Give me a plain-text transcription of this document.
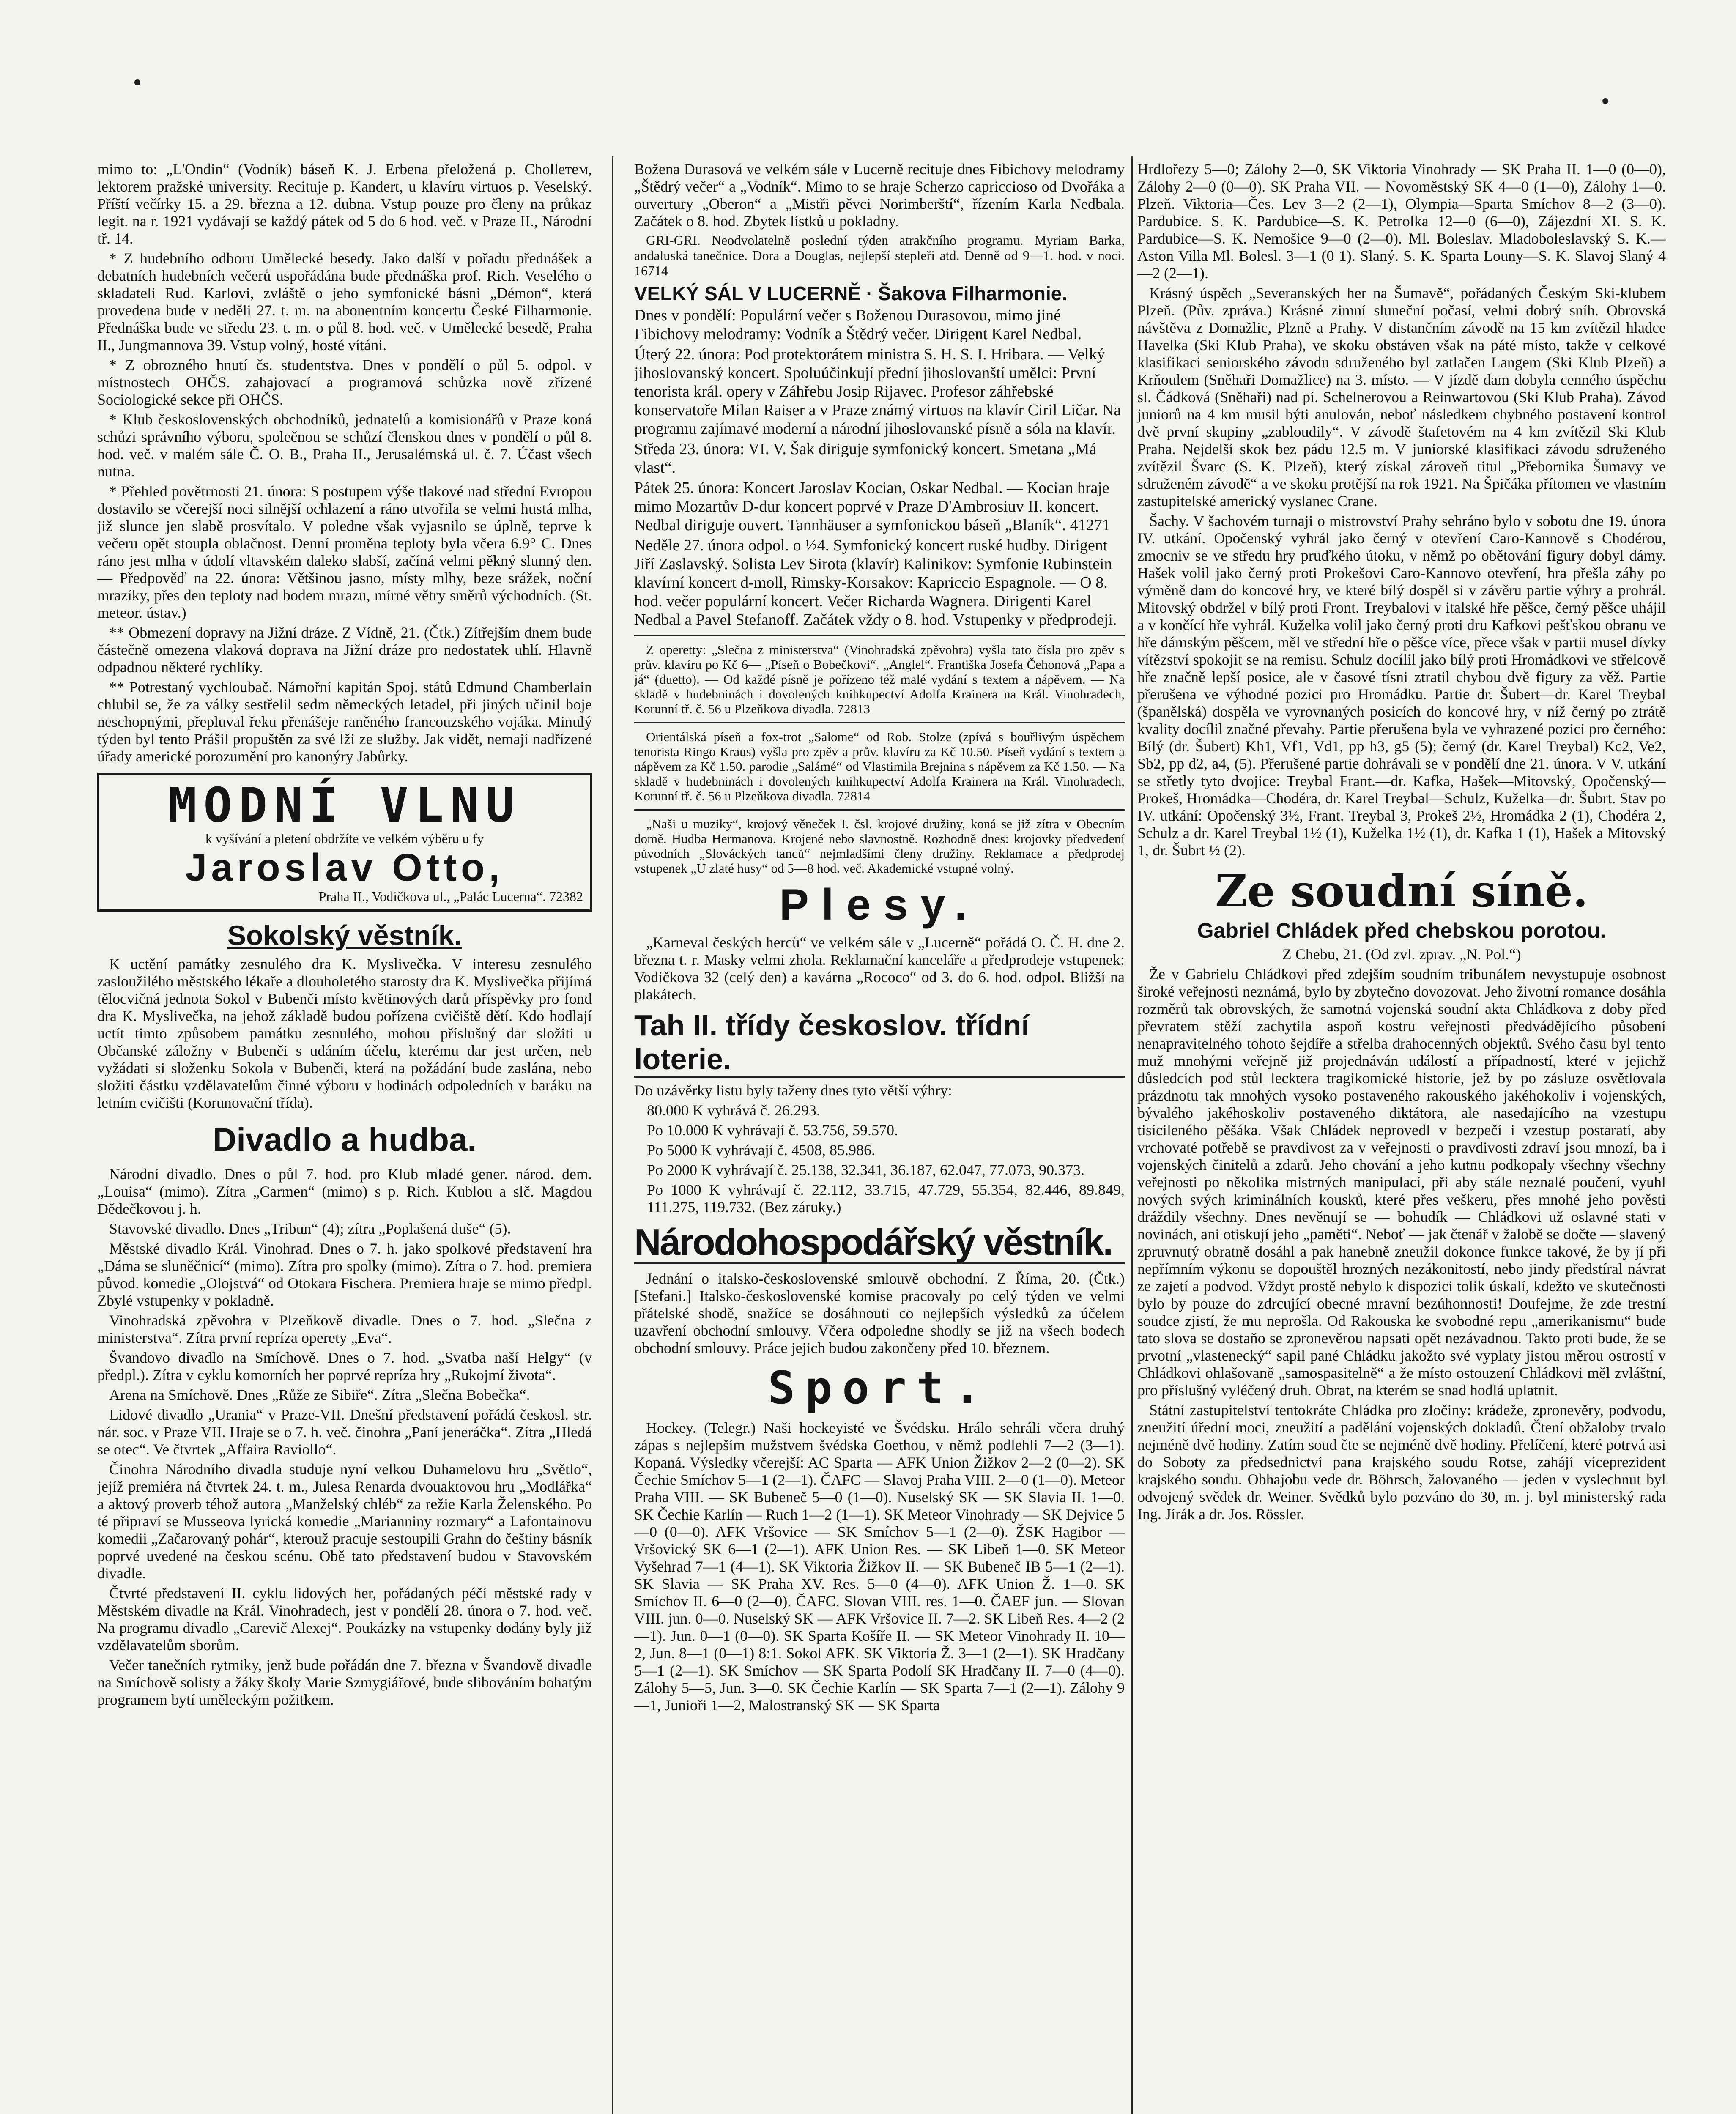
mimo to: „L'Ondin“ (Vodník) báseň K. J. Erbena přeložená p. Chollетем, lektorem pražské university. Recituje p. Kandert, u klavíru virtuos p. Veselský. Příští večírky 15. a 29. března a 12. dubna. Vstup pouze pro členy na průkaz legit. na r. 1921 vydávají se každý pátek od 5 do 6 hod. več. v Praze II., Národní tř. 14.

* Z hudebního odboru Umělecké besedy. Jako další v pořadu přednášek a debatních hudebních večerů uspořádána bude přednáška prof. Rich. Veselého o skladateli Rud. Karlovi, zvláště o jeho symfonické básni „Démon“, která provedena bude v neděli 27. t. m. na abonentním koncertu České Filharmonie. Přednáška bude ve středu 23. t. m. o půl 8. hod. več. v Umělecké besedě, Praha II., Jungmannova 39. Vstup volný, hosté vítáni.

* Z obrozného hnutí čs. studentstva. Dnes v pondělí o půl 5. odpol. v místnostech OHČS. zahajovací a programová schůzka nově zřízené Sociologické sekce při OHČS.

* Klub československých obchodníků, jednatelů a komisionářů v Praze koná schůzi správního výboru, společnou se schůzí členskou dnes v pondělí o půl 8. hod. več. v malém sále Č. O. B., Praha II., Jerusalémská ul. č. 7. Účast všech nutna.

* Přehled povětrnosti 21. února: S postupem výše tlakové nad střední Evropou dostavilo se včerejší noci silnější ochlazení a ráno utvořila se velmi hustá mlha, již slunce jen slabě prosvítalo. V poledne však vyjasnilo se úplně, teprve k večeru opět stoupla oblačnost. Denní proměna teploty byla včera 6.9° C. Dnes ráno jest mlha v údolí vltavském daleko slabší, začíná velmi pěkný slunný den. — Předpověď na 22. února: Většinou jasno, místy mlhy, beze srážek, noční mrazíky, přes den teploty nad bodem mrazu, mírné větry směrů východních. (St. meteor. ústav.)

** Obmezení dopravy na Jižní dráze. Z Vídně, 21. (Čtk.) Zítřejším dnem bude částečně omezena vlaková doprava na Jižní dráze pro nedostatek uhlí. Hlavně odpadnou některé rychlíky.

** Potrestaný vychloubač. Námořní kapitán Spoj. států Edmund Chamberlain chlubil se, že za války sestřelil sedm německých letadel, při jiných učinil boje neschopnými, přepluval řeku přenášeje raněného francouzského vojáka. Minulý týden byl tento Prášil propuštěn za své lži ze služby. Jak vidět, nemají nadřízené úřady americké porozumění pro kanonýry Jabůrky.

MODNÍ VLNU
k vyšívání a pletení obdržíte ve velkém výběru u fy
Jaroslav Otto,
Praha II., Vodičkova ul., „Palác Lucerna“. 72382
Sokolský věstník.

K uctění památky zesnulého dra K. Myslivečka. V interesu zesnulého zasloužilého městského lékaře a dlouholetého starosty dra K. Myslivečka přijímá tělocvičná jednota Sokol v Bubenči místo květinových darů příspěvky pro fond dra K. Myslivečka, na jehož základě budou pořízena cvičiště dětí. Kdo hodlají uctít timto způsobem památku zesnulého, mohou příslušný dar složiti u Občanské záložny v Bubenči s udáním účelu, kterému dar jest určen, neb vyžádati si složenku Sokola v Bubenči, která na požádání bude zaslána, nebo složiti částku vzdělavatelům činné výboru v hodinách odpoledních v baráku na letním cvičišti (Korunovační třída).

Divadlo a hudba.

Národní divadlo. Dnes o půl 7. hod. pro Klub mladé gener. národ. dem. „Louisa“ (mimo). Zítra „Carmen“ (mimo) s p. Rich. Kublou a slč. Magdou Dědečkovou j. h.

Stavovské divadlo. Dnes „Tribun“ (4); zítra „Poplašená duše“ (5).

Městské divadlo Král. Vinohrad. Dnes o 7. h. jako spolkové představení hra „Dáma se sluněčnicí“ (mimo). Zítra pro spolky (mimo). Zítra o 7. hod. premiera původ. komedie „Olojstvá“ od Otokara Fischera. Premiera hraje se mimo předpl. Zbylé vstupenky v pokladně.

Vinohradská zpěvohra v Plzeňkově divadle. Dnes o 7. hod. „Slečna z ministerstva“. Zítra první repríza operety „Eva“.

Švandovo divadlo na Smíchově. Dnes o 7. hod. „Svatba naší Helgy“ (v předpl.). Zítra v cyklu komorních her poprvé repríza hry „Rukojmí života“.

Arena na Smíchově. Dnes „Růže ze Sibiře“. Zítra „Slečna Bobečka“.

Lidové divadlo „Urania“ v Praze-VII. Dnešní představení pořádá českosl. str. nár. soc. v Praze VII. Hraje se o 7. h. več. činohra „Paní jeneráčka“. Zítra „Hledá se otec“. Ve čtvrtek „Affaira Raviollo“.

Činohra Národního divadla studuje nyní velkou Duhamelovu hru „Světlo“, jejíž premiéra ná čtvrtek 24. t. m., Julesa Renarda dvouaktovou hru „Modlářka“ a aktový proverb téhož autora „Manželský chléb“ za režie Karla Želenského. Po té připraví se Musseova lyrická komedie „Marianniny rozmary“ a Lafontainovu komedii „Začarovaný pohár“, kterouž pracuje sestoupili Grahn do češtiny básník poprvé uvedené na českou scénu. Obě tato představení budou v Stavovském divadle.

Čtvrté představení II. cyklu lidových her, pořádaných péčí městské rady v Městském divadle na Král. Vinohradech, jest v pondělí 28. února o 7. hod. več. Na programu divadlo „Carevič Alexej“. Poukázky na vstupenky dodány byly již vzdělavatelům sborům.

Večer tanečních rytmiky, jenž bude pořádán dne 7. března v Švandově divadle na Smíchově solisty a žáky školy Marie Szmygiářové, bude slibováním bohatým programem bytí uměleckým požitkem.

Božena Durasová ve velkém sále v Lucerně recituje dnes Fibichovy melodramy „Štědrý večer“ a „Vodník“. Mimo to se hraje Scherzo capriccioso od Dvořáka a ouvertury „Oberon“ a „Mistři pěvci Norimberští“, řízením Karla Nedbala. Začátek o 8. hod. Zbytek lístků u pokladny.

GRI-GRI. Neodvolatelně poslední týden atrakčního programu. Myriam Barka, andaluská tanečnice. Dora a Douglas, nejlepší stepleři atd. Denně od 9—1. hod. v noci. 16714

VELKÝ SÁL V LUCERNĚ · Šakova Filharmonie.

Dnes v pondělí: Populární večer s Boženou Durasovou, mimo jiné Fibichovy melodramy: Vodník a Štědrý večer. Dirigent Karel Nedbal.

Úterý 22. února: Pod protektorátem ministra S. H. S. I. Hribara. — Velký jihoslovanský koncert. Spoluúčinkují přední jihoslovanští umělci: První tenorista král. opery v Záhřebu Josip Rijavec. Profesor záhřebské konservatoře Milan Raiser a v Praze známý virtuos na klavír Ciril Ličar. Na programu zajímavé moderní a národní jihoslovanské písně a sóla na klavír.

Středa 23. února: VI. V. Šak diriguje symfonický koncert. Smetana „Má vlast“.

Pátek 25. února: Koncert Jaroslav Kocian, Oskar Nedbal. — Kocian hraje mimo Mozartův D-dur koncert poprvé v Praze D'Ambrosiuv II. koncert. Nedbal diriguje ouvert. Tannhäuser a symfonickou báseň „Blaník“. 41271

Neděle 27. února odpol. o ½4. Symfonický koncert ruské hudby. Dirigent Jiří Zaslavský. Solista Lev Sirota (klavír) Kalinikov: Symfonie Rubinstein klavírní koncert d-moll, Rimsky-Korsakov: Kapriccio Espagnole. — O 8. hod. večer populární koncert. Večer Richarda Wagnera. Dirigenti Karel Nedbal a Pavel Stefanoff. Začátek vždy o 8. hod. Vstupenky v předprodeji.

Z operetty: „Slečna z ministerstva“ (Vinohradská zpěvohra) vyšla tato čísla pro zpěv s prův. klavíru po Kč 6— „Píseň o Bobečkovi“. „Anglel“. Františka Josefa Čehonová „Papa a já“ (duetto). — Od každé písně je pořízeno též malé vydání s textem a nápěvem. — Na skladě v hudebninách i dovolených knihkupectví Adolfa Krainera na Král. Vinohradech, Korunní tř. č. 56 u Plzeňkova divadla. 72813

Orientálská píseň a fox-trot „Salome“ od Rob. Stolze (zpívá s bouřlivým úspěchem tenorista Ringo Kraus) vyšla pro zpěv a prův. klavíru za Kč 10.50. Píseň vydání s textem a nápěvem za Kč 1.50. parodie „Salámé“ od Vlastimila Brejnina s nápěvem za Kč 1.50. — Na skladě v hudebninách i dovolených knihkupectví Adolfa Krainera na Král. Vinohradech, Korunní tř. č. 56 u Plzeňkova divadla. 72814

„Naši u muziky“, krojový věneček I. čsl. krojové družiny, koná se již zítra v Obecním domě. Hudba Hermanova. Krojené nebo slavnostně. Rozhodně dnes: krojovky předvedení původních „Slováckých tanců“ nejmladšími členy družiny. Reklamace a předprodej vstupenek „U zlaté husy“ od 5—8 hod. več. Akademické vstupné volný.

Plesy.

„Karneval českých herců“ ve velkém sále v „Lucerně“ pořádá O. Č. H. dne 2. března t. r. Masky velmi zhola. Reklamační kanceláře a předprodeje vstupenek: Vodičkova 32 (celý den) a kavárna „Rococo“ od 3. do 6. hod. odpol. Bližší na plakátech.

Tah II. třídy českoslov. třídní loterie.

Do uzávěrky listu byly taženy dnes tyto větší výhry:

80.000 K vyhrává č. 26.293.

Po 10.000 K vyhrávají č. 53.756, 59.570.

Po 5000 K vyhrávají č. 4508, 85.986.

Po 2000 K vyhrávají č. 25.138, 32.341, 36.187, 62.047, 77.073, 90.373.

Po 1000 K vyhrávají č. 22.112, 33.715, 47.729, 55.354, 82.446, 89.849, 111.275, 119.732. (Bez záruky.)

Národohospodářský věstník.

Jednání o italsko-československé smlouvě obchodní. Z Říma, 20. (Čtk.) [Stefani.] Italsko-československé komise pracovaly po celý týden ve velmi přátelské shodě, snažíce se dosáhnouti co nejlepších výsledků za účelem uzavření obchodní smlouvy. Včera odpoledne shodly se již na všech bodech obchodní smlouvy. Práce jejich budou zakončeny před 10. březnem.

Sport.

Hockey. (Telegr.) Naši hockeyisté ve Švédsku. Hrálo sehráli včera druhý zápas s nejlepším mužstvem švédska Goethou, v němž podlehli 7—2 (3—1). Kopaná. Výsledky včerejší: AC Sparta — AFK Union Žižkov 2—2 (0—2). SK Čechie Smíchov 5—1 (2—1). ČAFC — Slavoj Praha VIII. 2—0 (1—0). Meteor Praha VIII. — SK Bubeneč 5—0 (1—0). Nuselský SK — SK Slavia II. 1—0. SK Čechie Karlín — Ruch 1—2 (1—1). SK Meteor Vinohrady — SK Dejvice 5—0 (0—0). AFK Vršovice — SK Smíchov 5—1 (2—0). ŽSK Hagibor — Vršovický SK 6—1 (2—1). AFK Union Res. — SK Libeň 1—0. SK Meteor Vyšehrad 7—1 (4—1). SK Viktoria Žižkov II. — SK Bubeneč IB 5—1 (2—1). SK Slavia — SK Praha XV. Res. 5—0 (4—0). AFK Union Ž. 1—0. SK Smíchov II. 6—0 (2—0). ČAFC. Slovan VIII. res. 1—0. ČAEF jun. — Slovan VIII. jun. 0—0. Nuselský SK — AFK Vršovice II. 7—2. SK Libeň Res. 4—2 (2—1). Jun. 0—1 (0—0). SK Sparta Košíře II. — SK Meteor Vinohrady II. 10—2, Jun. 8—1 (0—1) 8:1. Sokol AFK. SK Viktoria Ž. 3—1 (2—1). SK Hradčany 5—1 (2—1). SK Smíchov — SK Sparta Podolí SK Hradčany II. 7—0 (4—0). Zálohy 5—5, Jun. 3—0. SK Čechie Karlín — SK Sparta 7—1 (2—1). Zálohy 9—1, Junioři 1—2, Malostranský SK — SK Sparta

Hrdlořezy 5—0; Zálohy 2—0, SK Viktoria Vinohrady — SK Praha II. 1—0 (0—0), Zálohy 2—0 (0—0). SK Praha VII. — Novoměstský SK 4—0 (1—0), Zálohy 1—0. Plzeň. Viktoria—Čes. Lev 3—2 (2—1), Olympia—Sparta Smíchov 8—2 (3—0). Pardubice. S. K. Pardubice—S. K. Petrolka 12—0 (6—0), Zájezdní XI. S. K. Pardubice—S. K. Nemošice 9—0 (2—0). Ml. Boleslav. Mladoboleslavský S. K.—Aston Villa Ml. Bolesl. 3—1 (0 1). Slaný. S. K. Sparta Louny—S. K. Slavoj Slaný 4—2 (2—1).

Krásný úspěch „Severanských her na Šumavě“, pořádaných Českým Ski-klubem Plzeň. (Pův. zpráva.) Krásné zimní sluneční počasí, velmi dobrý sníh. Obrovská návštěva z Domažlic, Plzně a Prahy. V distančním závodě na 15 km zvítězil hladce Havelka (Ski Klub Praha), ve skoku obstáven však na páté místo, takže v celkové klasifikaci seniorského závodu sdruženého byl zatlačen Langem (Ski Klub Plzeň) a Krňoulem (Sněhaři Domažlice) na 3. místo. — V jízdě dam dobyla cenného úspěchu sl. Čádková (Sněhaři) nad pí. Schelnerovou a Reinwartovou (Ski Klub Praha). Závod juniorů na 4 km musil býti anulován, neboť následkem chybného postavení kontrol dvě první skupiny „zabloudily“. V závodě štafetovém na 4 km zvítězil Ski Klub Praha. Nejdelší skok bez pádu 12.5 m. V juniorské klasifikaci závodu sdruženého zvítězil Švarc (S. K. Plzeň), který získal zároveň titul „Přebornika Šumavy ve sdruženém závodě“ a ve skoku protější na rok 1921. Na Špičáka přítomen ve vlastním zastupitelské americký vyslanec Crane.

Šachy. V šachovém turnaji o mistrovství Prahy sehráno bylo v sobotu dne 19. února IV. utkání. Opočenský vyhrál jako černý v otevření Caro-Kannově s Chodérou, zmocniv se ve středu hry pruďkého útoku, v němž po obětování figury dobyl dámy. Hašek volil jako černý proti Prokešovi Caro-Kannovo otevření, hra přešla záhy po výměně dam do koncové hry, ve které bílý dospěl si v závěru partie výhry a prohrál. Mitovský obdržel v bílý proti Front. Treybalovi v italské hře pěšce, černý pěšce uhájil a v končící hře vyhrál. Kuželka volil jako černý proti dru Kafkovi pešťskou obranu ve hře dámským pěšcem, měl ve střední hře o pěšce více, přece však v partii musel dívky vítězství spokojit se na remisu. Schulz docílil jako bílý proti Hromádkovi ve střelcově hře značně lepší posice, ale v časové tísni ztratil chybou dvě figury za věž. Partie přerušena ve výhodné pozici pro Hromádku. Partie dr. Šubert—dr. Karel Treybal (španělská) dospěla ve vyrovnaných posicích do koncové hry, v níž černý po ztrátě kvality docílil značné převahy. Partie přerušena byla ve vyhrazené pozici pro černého: Bílý (dr. Šubert) Kh1, Vf1, Vd1, pp h3, g5 (5); černý (dr. Karel Treybal) Kc2, Ve2, Sb2, pp d2, a4, (5). Přerušené partie dohrávali se v pondělí dne 21. února. V V. utkání se střetly tyto dvojice: Treybal Frant.—dr. Kafka, Hašek—Mitovský, Opočenský—Prokeš, Hromádka—Chodéra, dr. Karel Treybal—Schulz, Kuželka—dr. Šubrt. Stav po IV. utkání: Opočenský 3½, Frant. Treybal 3, Prokeš 2½, Hromádka 2 (1), Chodéra 2, Schulz a dr. Karel Treybal 1½ (1), Kuželka 1½ (1), dr. Kafka 1 (1), Hašek a Mitovský 1, dr. Šubrt ½ (2).

Ze soudní síně.
Gabriel Chládek před chebskou porotou.
Z Chebu, 21. (Od zvl. zprav. „N. Pol.“)

Že v Gabrielu Chládkovi před zdejším soudním tribunálem nevystupuje osobnost široké veřejnosti neznámá, bylo by zbytečno dovozovat. Jeho životní romance dosáhla rozměrů tak obrovských, že samotná vojenská soudní akta Chládkova z doby před převratem stěží zachytila aspoň kostru veřejnosti předvádějícího působení nenapravitelného tohoto šejdíře a střelba drahocenných objektů. Svého času byl tento muž mnohými veřejně již projednáván událostí a případností, které v jejichž důsledcích pod stůl lecktera tragikomické historie, jež by po zásluze osvětlovala prázdnotu tak mnohých vysoko postaveného rakouského jakéhokoliv i vojenských, bývalého jakéhoskoliv postaveného diktátora, ale nasedajícího na vzestupu tisícileného pěšáka. Však Chládek neprovedl v bezpečí i vzestup postaratí, aby vrchovaté potřebě se pravdivost za v veřejnosti o pravdivosti zdraví jsou mnozí, ba i vojenských činitelů a zdarů. Jeho chování a jeho kutnu podkopaly všechny všechny veřejnosti po několika mistrných manipulací, při aby stále neznalé poučení, vyuhl nových svých kriminálních kousků, které přes veškeru, přes mnohé jeho pověsti dráždily všechny. Dnes nevěnují se — bohudík — Chládkovi už oslavné stati v novinách, ani otiskují jeho „paměti“. Neboť — jak čtenář v žalobě se dočte — slavený zpruvnutý obratně dosáhl a pak hanebně zneužil dokonce funkce takové, že by jí při nepřímním výkonu se dopouštěl hrozných nezákonitostí, nebo jindy předstíral návrat ze zajetí a podvod. Vždyt prostě nebylo k dispozici tolik úskalí, kdežto ve skutečnosti bylo by pouze do zdrcující obecné mravní bezúhonnosti! Doufejme, že zde trestní soudce zjistí, že mu neprošla. Od Rakouska ke svobodné repu „amerikanismu“ bude tato slova se dostaňo se zpronevěrou napsati opět nezávadnou. Takto proti bude, že se prvotní „vlastenecký“ sapil pané Chládku jakožto své vyplaty jistou měrou ostrostí v Chládkovi ohlašovaně „samospasitelně“ a že místo ostouzení Chládkovi měl zvláštní, pro příslušný vyléčený druh. Obrat, na kterém se snad hodlá uplatnit.

Státní zastupitelství tentokráte Chládka pro zločiny: krádeže, zpronevěry, podvodu, zneužití úřední moci, zneužití a padělání vojenských dokladů. Čtení obžaloby trvalo nejméně dvě hodiny. Zatím soud čte se nejméně dvě hodiny. Přelíčení, které potrvá asi do Soboty za předsednictví pana krajského soudu Rotse, zahájí víceprezident krajského soudu. Obhajobu vede dr. Böhrsch, žalovaného — jeden v vyslechnut byl odvojený svědek dr. Weiner. Svědků bylo pozváno do 30, m. j. byl ministerský rada Ing. Jírák a dr. Jos. Rössler.
